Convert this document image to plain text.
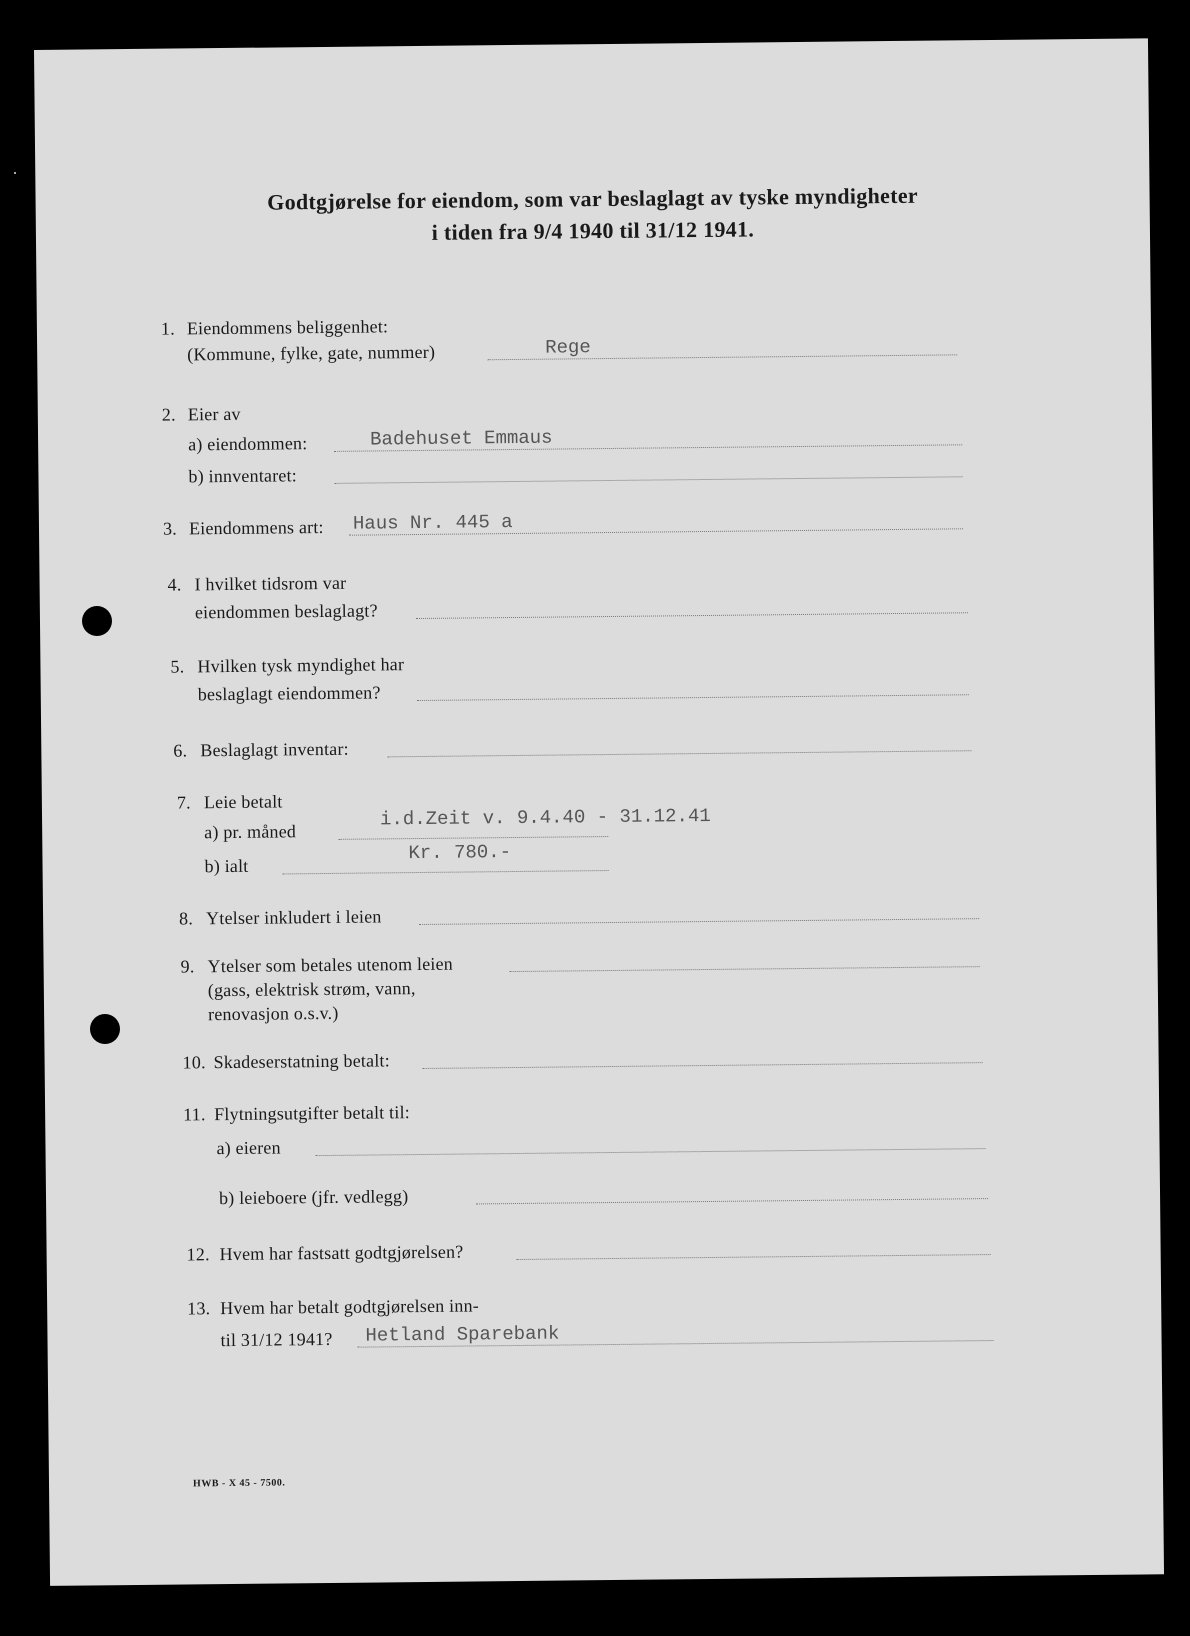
Godtgjørelse for eiendom, som var beslaglagt av tyske myndigheter
i tiden fra 9/4 1940 til 31/12 1941.
1. Eiendommens beliggenhet:
(Kommune, fylke, gate, nummer)	Rege
2. Eier av
a) eiendommen:	Badehuset Emmaus
b) innventaret:
3. Eiendommens art: Haus Nr. 445 a
4. I hvilket tidsrom var
eiendommen beslaglagt?
5. Hvilken tysk myndighet har
beslaglagt eiendommen?
6. Beslaglagt inventar:
7. Leie betalt
a) pr. måned
i.d.Zeit v. 9.4.40 - 31.12.41
b) ialt
Kr. 780.-
8. Ytelser inkludert i leien
9. Ytelser som betales utenom leien
(gass, elektrisk strøm, vann,
renovasjon o.s.v.)
10. Skadeserstatning betalt:
11. Flytningsutgifter betalt til:
a) eieren
b) leieboere (jfr. vedlegg)
12. Hvem har fastsatt godtgjørelsen?
13. Hvem har betalt godtgjørelsen inn-
til 31/12 1941? Hetland Sparebank
HWB - X 45 - 7500.
